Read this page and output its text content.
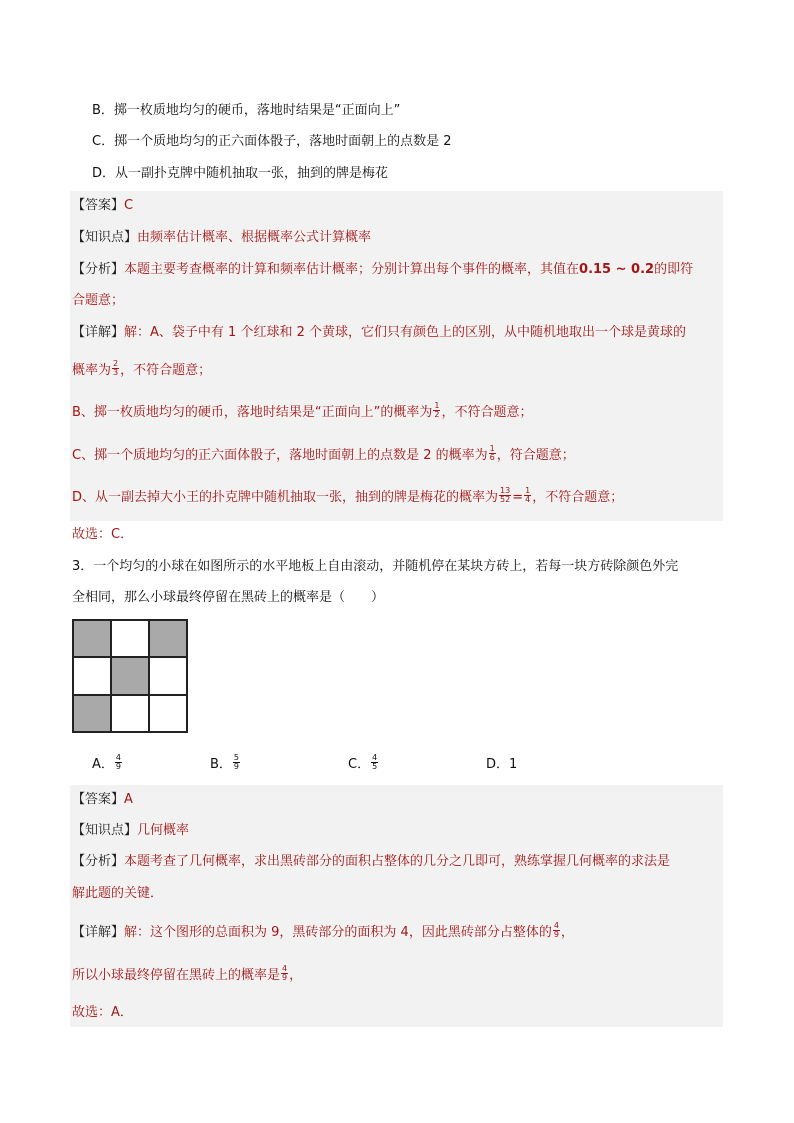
B．掷一枚质地均匀的硬币，落地时结果是“正面向上”
C．掷一个质地均匀的正六面体骰子，落地时面朝上的点数是 2
D．从一副扑克牌中随机抽取一张，抽到的牌是梅花
【答案】C
【知识点】由频率估计概率、根据概率公式计算概率
【分析】本题主要考查概率的计算和频率估计概率；分别计算出每个事件的概率，其值在0.15 ~ 0.2的即符
合题意；
【详解】解：A、袋子中有 1 个红球和 2 个黄球，它们只有颜色上的区别，从中随机地取出一个球是黄球的
概率为 $\frac{2}{3}$ ，不符合题意；
B、掷一枚质地均匀的硬币，落地时结果是“正面向上”的概率为 $\frac{1}{2}$ ，不符合题意；
C、掷一个质地均匀的正六面体骰子，落地时面朝上的点数是 2 的概率为 $\frac{1}{6}$ ，符合题意；
D、从一副去掉大小王的扑克牌中随机抽取一张，抽到的牌是梅花的概率为 $\frac{13}{52} = \frac{1}{4}$ ，不符合题意；
故选：C．
3．一个均匀的小球在如图所示的水平地板上自由滚动，并随机停在某块方砖上，若每一块方砖除颜色外完
全相同，那么小球最终停留在黑砖上的概率是（　　）
A． $\frac{4}{9}$	B． $\frac{5}{9}$	C． $\frac{4}{5}$	D．1
【答案】A
【知识点】几何概率
【分析】本题考查了几何概率，求出黑砖部分的面积占整体的几分之几即可，熟练掌握几何概率的求法是
解此题的关键．
【详解】解：这个图形的总面积为 9，黑砖部分的面积为 4，因此黑砖部分占整体的 $\frac{4}{9}$ ，
所以小球最终停留在黑砖上的概率是 $\frac{4}{9}$ ，
故选：A．
